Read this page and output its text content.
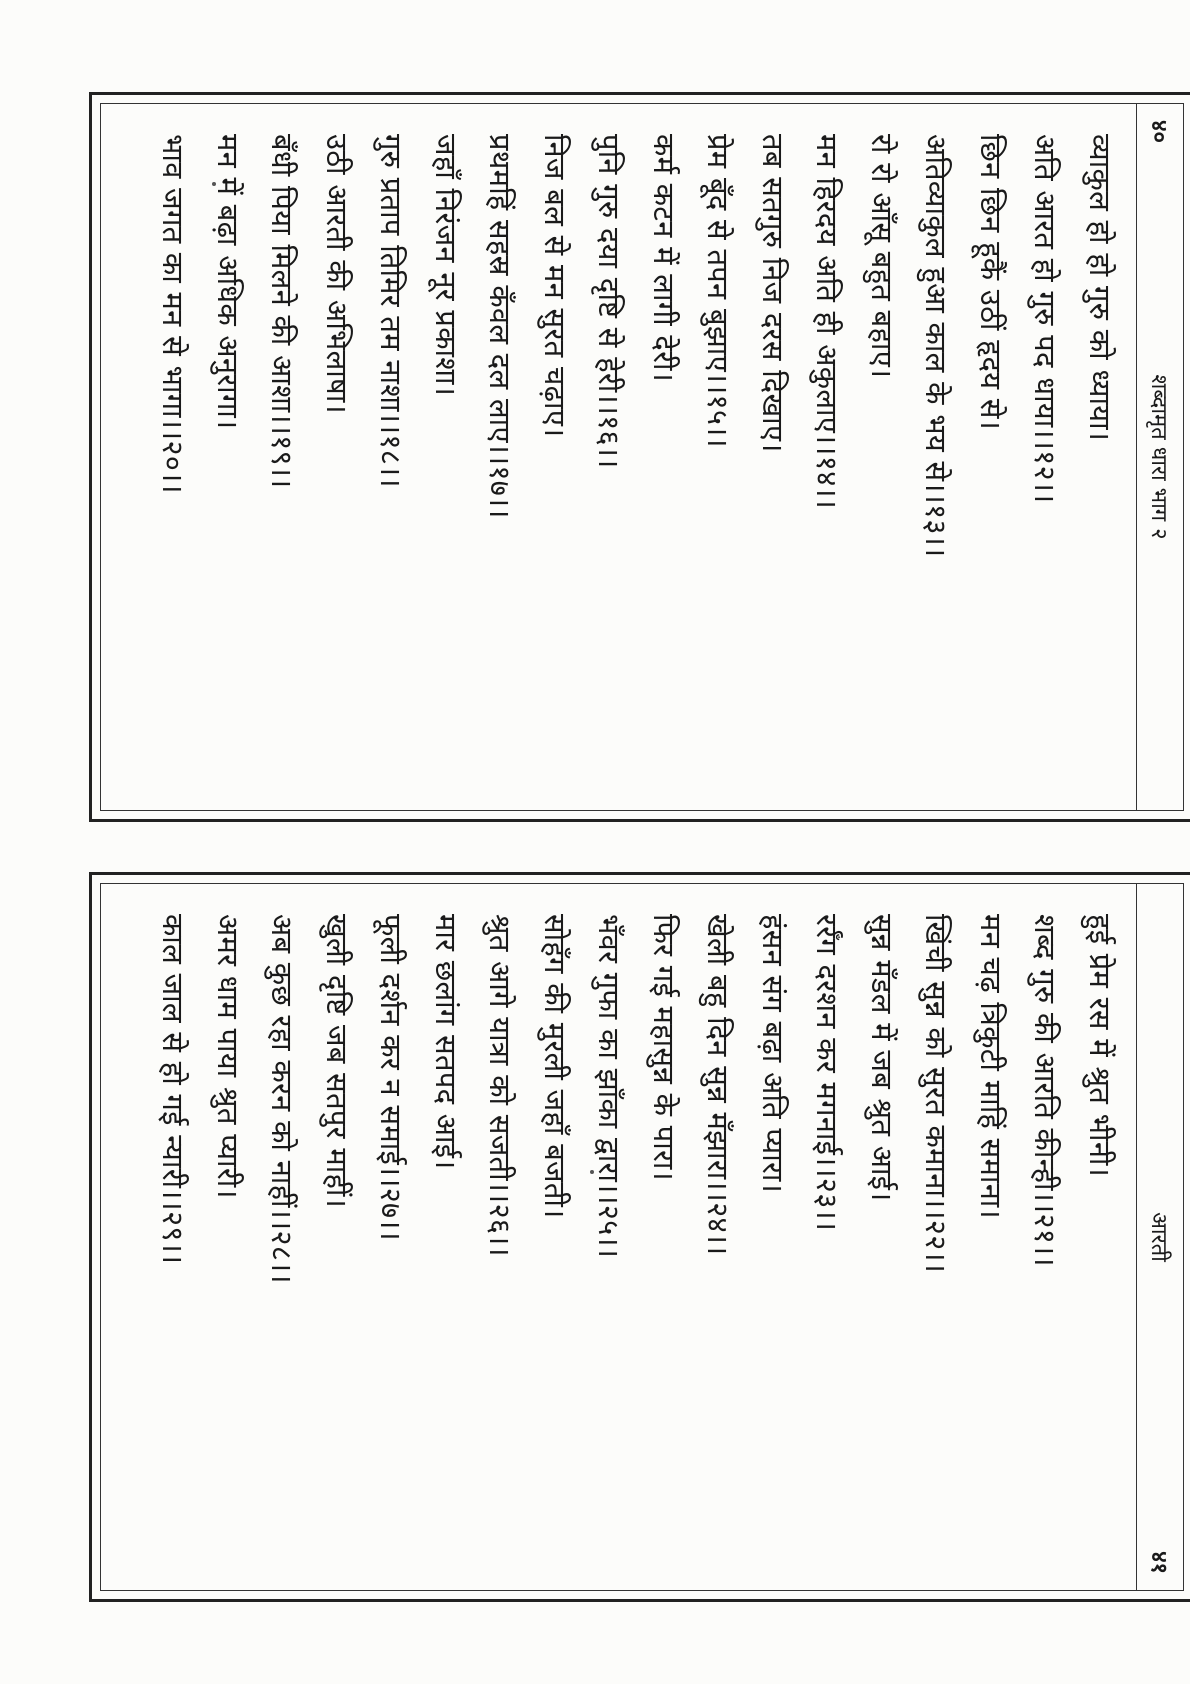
४०
शब्दामृत धारा भाग २
व्याकुल हो हो गुरु को ध्याया।
अति आरत हो गुरु पद धाया।।१२।।
छिन छिन हूकैं उठीं हृदय से।
अतिव्याकुल हुआ काल के भय से।।१३।।
रो रो आँसू बहुत बहाए।
मन हिरदय अति ही अकुलाए।।१४।।
तब सतगुरु निज दरस दिखाए।
प्रेम बूँद से तपन बुझाए।।१५।।
कर्म कटन में लागी देरी।
पुनि गुरु दया दृष्टि से हेरी।।१६।।
निज बल से मन सुरत चढ़ाए।
प्रथमहिं सहस्र कँवल दल लाए।।१७।।
जहाँ निरंजन नूर प्रकाशा।
गुरु प्रताप तिमिर तम नाशा।।१८।।
उठी आरती की अभिलाषा।
बँधी पिया मिलने की आशा।।१९।।
मन में बढ़ा अधिक अनुरागा।
भाव जगत का मन से भागा।।२०।।
आरती
४१
हुई प्रेम रस में श्रुत भीनी।
शब्द गुरु की आरति कीन्ही।।२१।।
मन चढ़ त्रिकुटी माहिं समाना।
खिंची सुन्न को सुरत कमाना।।२२।।
सुन्न मँडल में जब श्रुत आई।
रर्रँग दरशन कर मगनाई।।२३।।
हंसन संग बढ़ा अति प्यारा।
खेली बहु दिन सुन्न मँझारा।।२४।।
फिर गई महासुन्न के पारा।
भँवर गुफा का झाँका द्वारा।।२५।।
सोहँग की मुरली जहाँ बजती।
श्रुत आगे यात्रा को सजती।।२६।।
मार छलांग सतपद आई।
फूली दर्शन कर न समाई।।२७।।
खुली दृष्टि जब सतपुर माहीं।
अब कुछ रहा करन को नाहीं।।२८।।
अमर धाम पाया श्रुत प्यारी।
काल जाल से हो गई न्यारी।।२९।।
